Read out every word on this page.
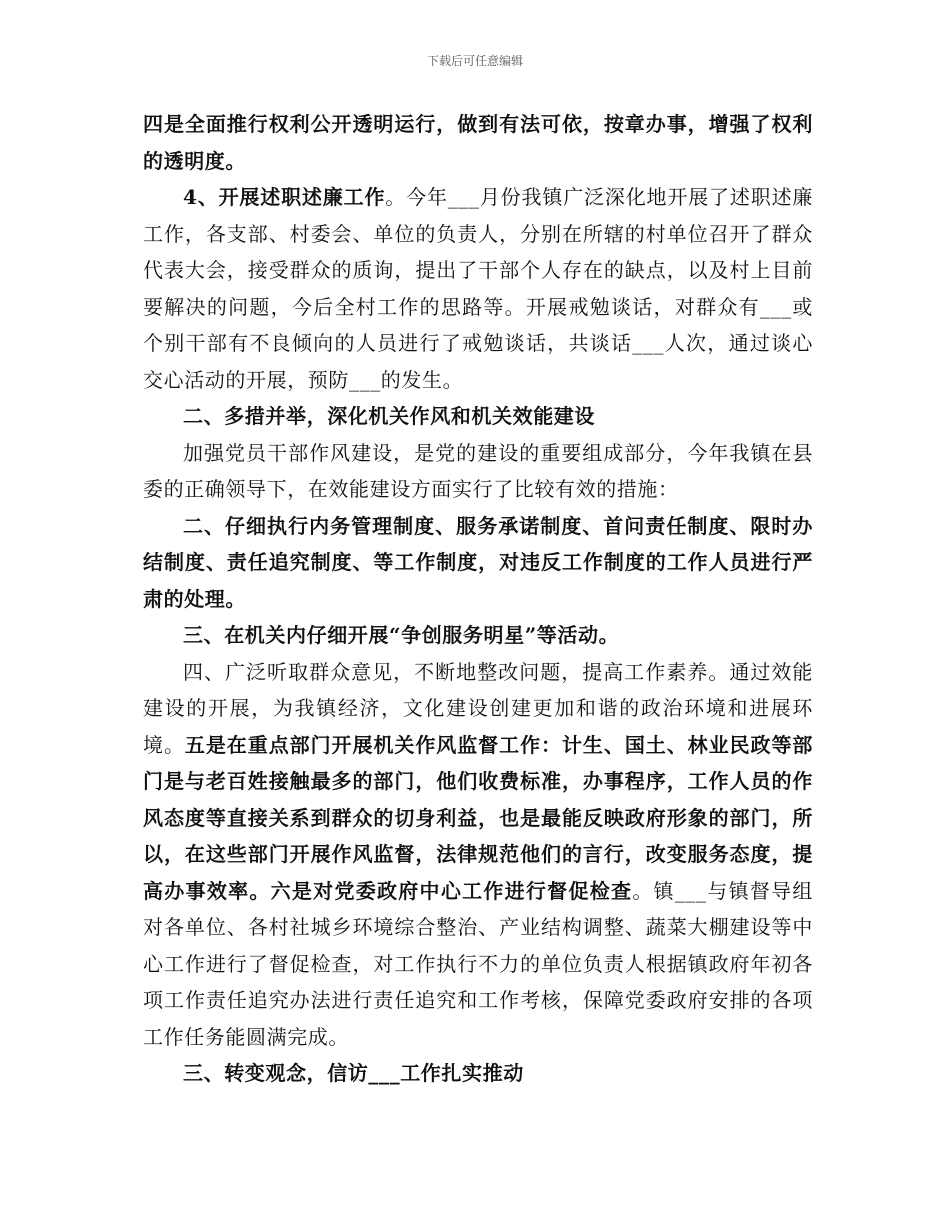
下载后可任意编辑

四是全面推行权利公开透明运行，做到有法可依，按章办事，增强了权利的透明度。

4、开展述职述廉工作。今年___月份我镇广泛深化地开展了述职述廉工作，各支部、村委会、单位的负责人，分别在所辖的村单位召开了群众代表大会，接受群众的质询，提出了干部个人存在的缺点，以及村上目前要解决的问题，今后全村工作的思路等。开展戒勉谈话，对群众有___或个别干部有不良倾向的人员进行了戒勉谈话，共谈话___人次，通过谈心交心活动的开展，预防___的发生。

二、多措并举，深化机关作风和机关效能建设

加强党员干部作风建设，是党的建设的重要组成部分，今年我镇在县委的正确领导下，在效能建设方面实行了比较有效的措施：

二、仔细执行内务管理制度、服务承诺制度、首问责任制度、限时办结制度、责任追究制度、等工作制度，对违反工作制度的工作人员进行严肃的处理。

三、在机关内仔细开展“争创服务明星”等活动。

四、广泛听取群众意见，不断地整改问题，提高工作素养。通过效能建设的开展，为我镇经济，文化建设创建更加和谐的政治环境和进展环境。五是在重点部门开展机关作风监督工作：计生、国土、林业民政等部门是与老百姓接触最多的部门，他们收费标准，办事程序，工作人员的作风态度等直接关系到群众的切身利益，也是最能反映政府形象的部门，所以，在这些部门开展作风监督，法律规范他们的言行，改变服务态度，提高办事效率。六是对党委政府中心工作进行督促检查。镇___与镇督导组对各单位、各村社城乡环境综合整治、产业结构调整、蔬菜大棚建设等中心工作进行了督促检查，对工作执行不力的单位负责人根据镇政府年初各项工作责任追究办法进行责任追究和工作考核，保障党委政府安排的各项工作任务能圆满完成。

三、转变观念，信访___工作扎实推动
